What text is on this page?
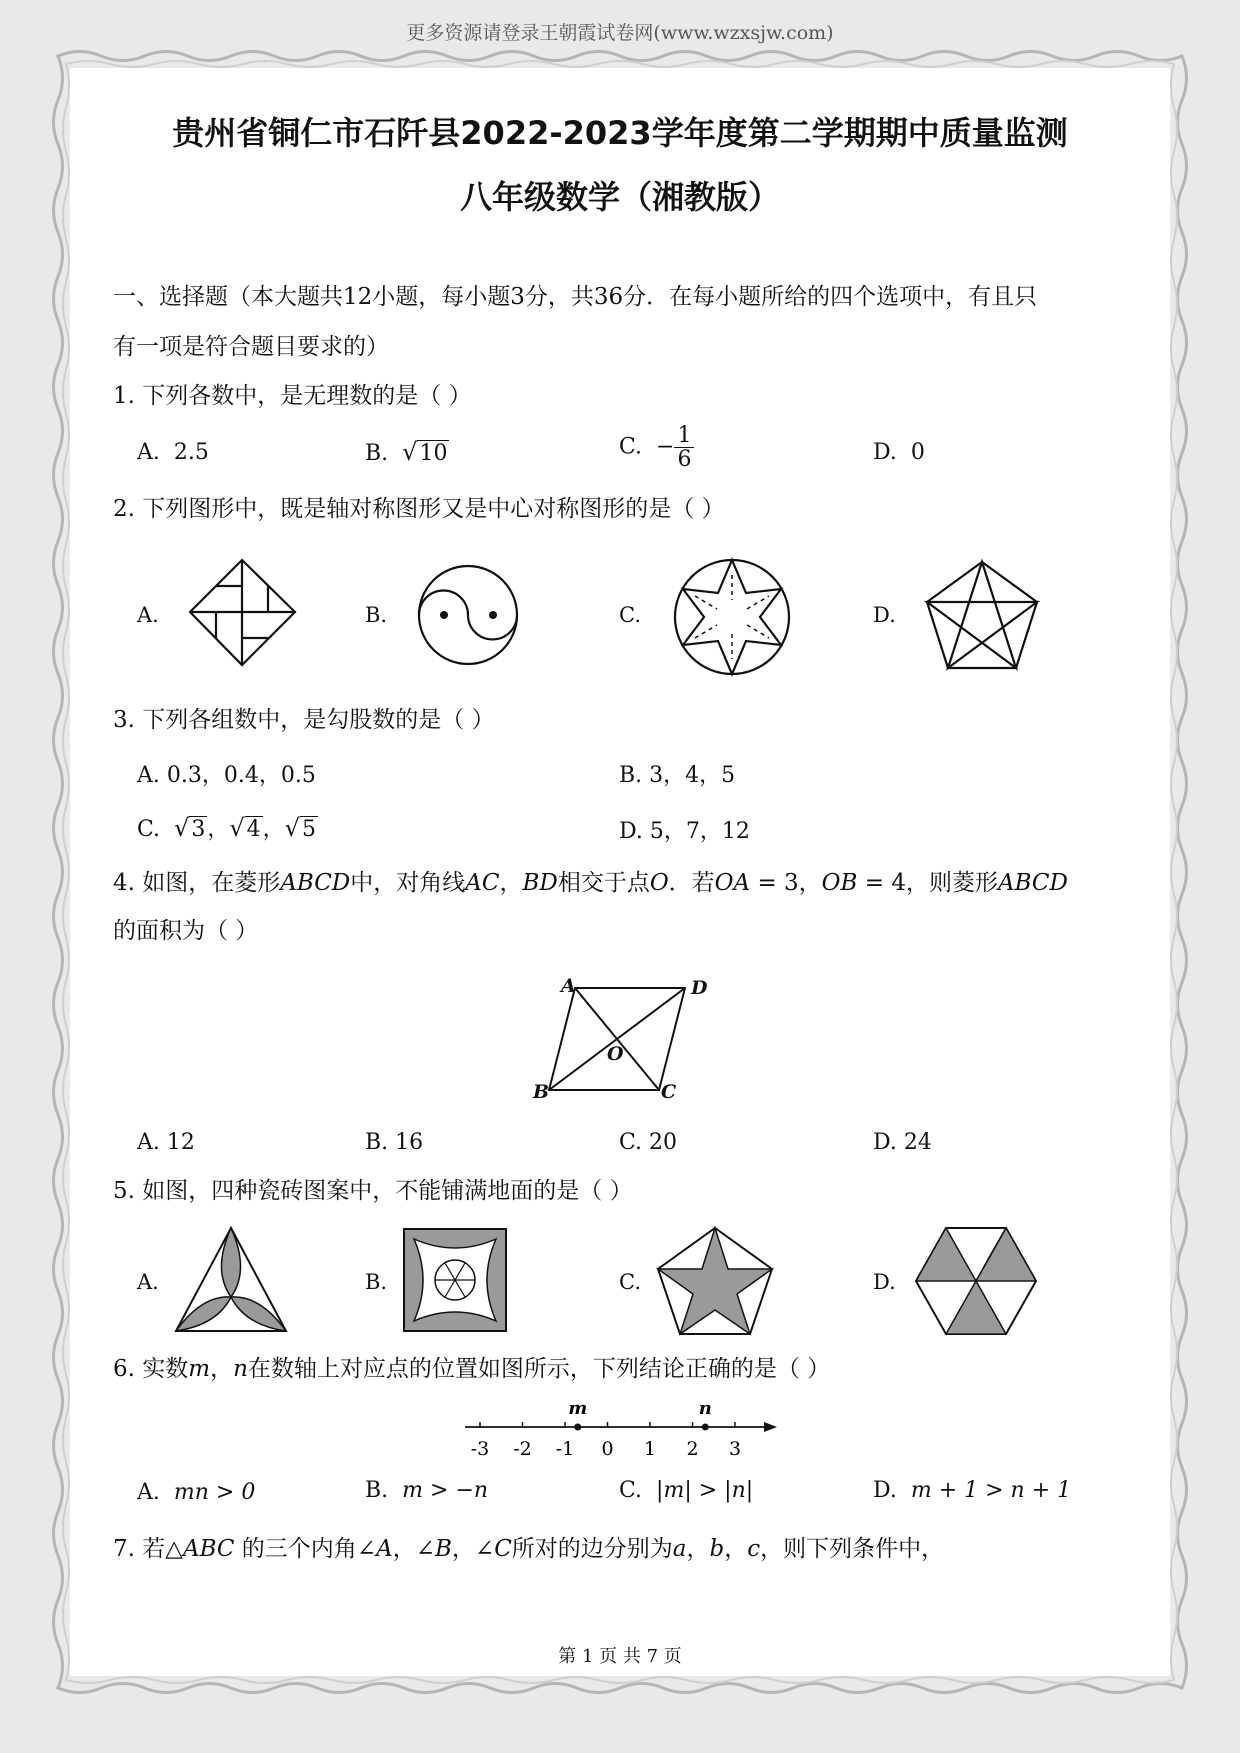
更多资源请登录王朝霞试卷网(www.wzxsjw.com)
贵州省铜仁市石阡县2022-2023学年度第二学期期中质量监测
八年级数学（湘教版）
一、选择题（本大题共12小题，每小题3分，共36分．在每小题所给的四个选项中，有且只
有一项是符合题目要求的）
1. 下列各数中，是无理数的是（ ）
A. 2.5	B. √10	C. − $\frac{1}{6}$	D. 0
2. 下列图形中，既是轴对称图形又是中心对称图形的是（ ）
A.	B.	C.	D.
3. 下列各组数中，是勾股数的是（ ）
A. 0.3，0.4，0.5	B. 3，4，5
C. √3，√4，√5	D. 5，7，12
4. 如图，在菱形ABCD中，对角线AC，BD相交于点O．若OA = 3，OB = 4，则菱形ABCD
的面积为（ ）
A	D
B	C
O
A. 12	B. 16	C. 20	D. 24
5. 如图，四种瓷砖图案中，不能铺满地面的是（ ）
A.	B.	C.	D.
6. 实数m，n在数轴上对应点的位置如图所示，下列结论正确的是（ ）
-3 -2 -1 0 1 2 3
m	n
A. mn > 0	B. m > −n	C. |m| > |n|	D. m + 1 > n + 1
7. 若△ABC 的三个内角∠A，∠B，∠C所对的边分别为a，b，c，则下列条件中，
第 1 页 共 7 页
